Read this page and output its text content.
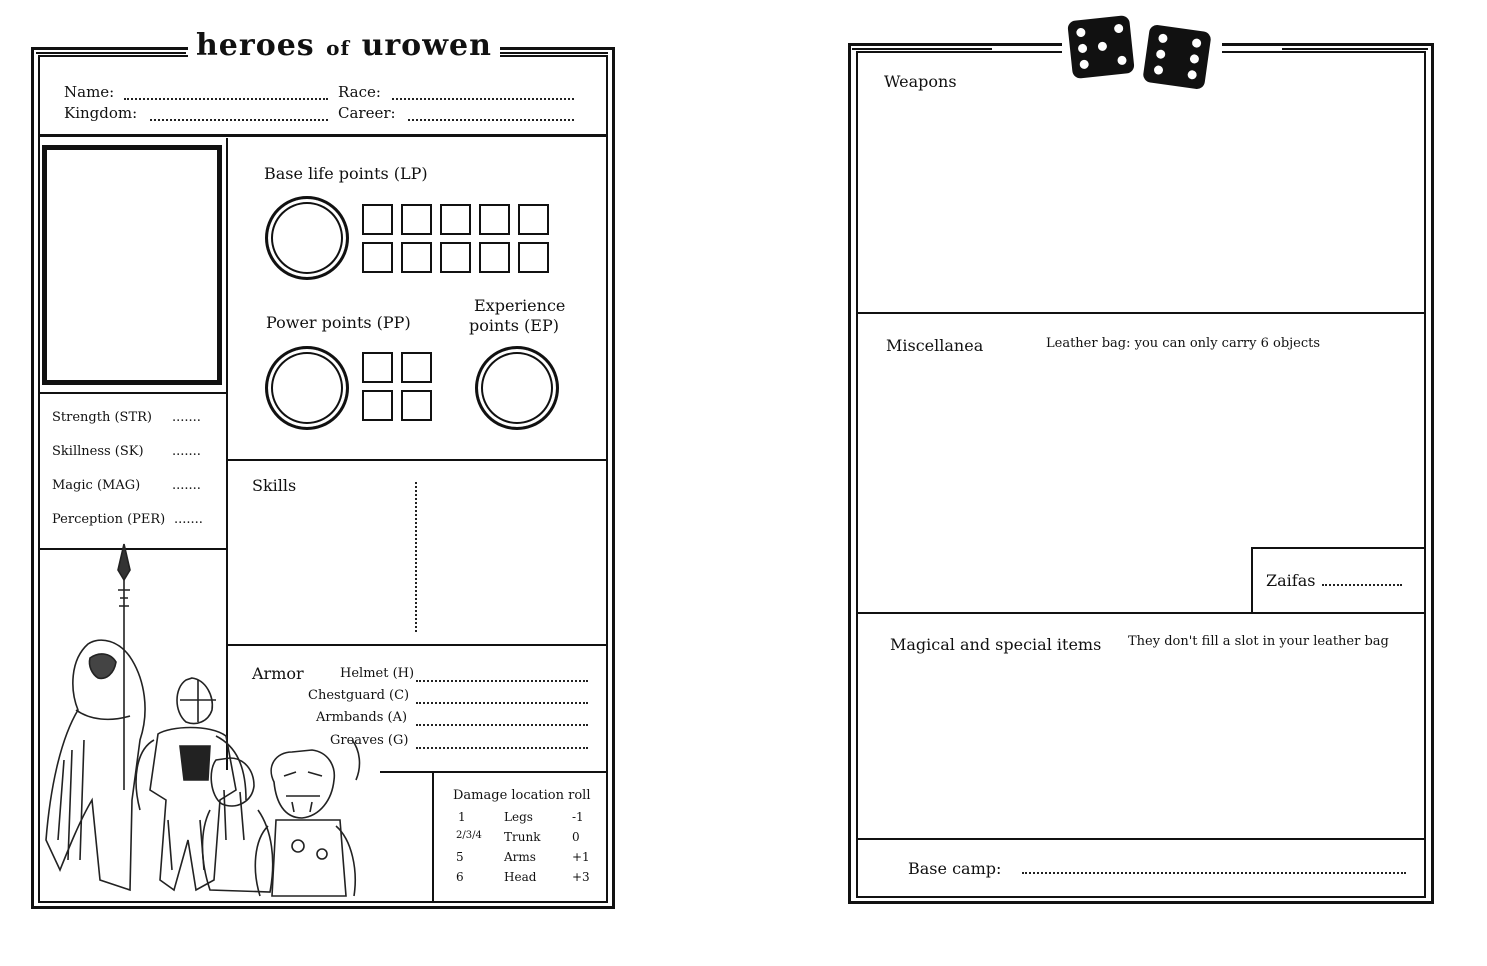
heroes of urowen
Name:	Race:
Kingdom:	Career:
Base life points (LP)
Power points (PP)
Experience
points (EP)
Strength (STR) .......
Skillness (SK) .......
Magic (MAG) .......
Perception (PER) .......
Skills
Armor	Helmet (H)
Chestguard (C)
Armbands (A)
Greaves (G)
Damage location roll
1	Legs	-1
2/3/4 Trunk	0
5	Arms	+1
6	Head	+3
Weapons
Miscellanea	Leather bag: you can only carry 6 objects
Zaifas
Magical and special items They don't fill a slot in your leather bag
Base camp:
